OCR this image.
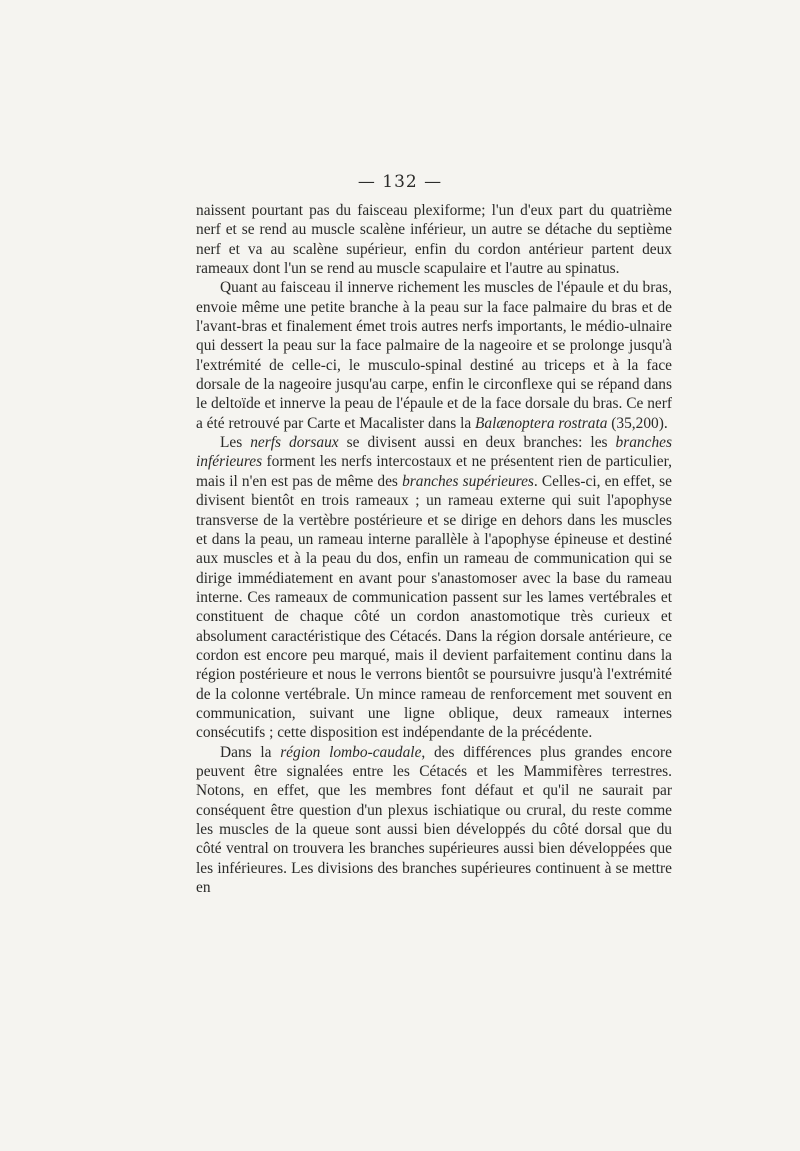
— 132 —

naissent pourtant pas du faisceau plexiforme; l'un d'eux part du quatrième nerf et se rend au muscle scalène inférieur, un autre se détache du septième nerf et va au scalène supérieur, enfin du cordon antérieur partent deux rameaux dont l'un se rend au muscle scapulaire et l'autre au spinatus.

Quant au faisceau il innerve richement les muscles de l'épaule et du bras, envoie même une petite branche à la peau sur la face palmaire du bras et de l'avant-bras et finalement émet trois autres nerfs importants, le médio-ulnaire qui dessert la peau sur la face palmaire de la nageoire et se prolonge jusqu'à l'extrémité de celle-ci, le musculo-spinal destiné au triceps et à la face dorsale de la nageoire jusqu'au carpe, enfin le circonflexe qui se répand dans le deltoïde et innerve la peau de l'épaule et de la face dorsale du bras. Ce nerf a été retrouvé par Carte et Macalister dans la Balænoptera rostrata (35,200).

Les nerfs dorsaux se divisent aussi en deux branches: les branches inférieures forment les nerfs intercostaux et ne présentent rien de particulier, mais il n'en est pas de même des branches supérieures. Celles-ci, en effet, se divisent bientôt en trois rameaux ; un rameau externe qui suit l'apophyse transverse de la vertèbre postérieure et se dirige en dehors dans les muscles et dans la peau, un rameau interne parallèle à l'apophyse épineuse et destiné aux muscles et à la peau du dos, enfin un rameau de communication qui se dirige immédiatement en avant pour s'anastomoser avec la base du rameau interne. Ces rameaux de communication passent sur les lames vertébrales et constituent de chaque côté un cordon anastomotique très curieux et absolument caractéristique des Cétacés. Dans la région dorsale antérieure, ce cordon est encore peu marqué, mais il devient parfaitement continu dans la région postérieure et nous le verrons bientôt se poursuivre jusqu'à l'extrémité de la colonne vertébrale. Un mince rameau de renforcement met souvent en communication, suivant une ligne oblique, deux rameaux internes consécutifs ; cette disposition est indépendante de la précédente.

Dans la région lombo-caudale, des différences plus grandes encore peuvent être signalées entre les Cétacés et les Mammifères terrestres. Notons, en effet, que les membres font défaut et qu'il ne saurait par conséquent être question d'un plexus ischiatique ou crural, du reste comme les muscles de la queue sont aussi bien développés du côté dorsal que du côté ventral on trouvera les branches supérieures aussi bien développées que les inférieures. Les divisions des branches supérieures continuent à se mettre en
